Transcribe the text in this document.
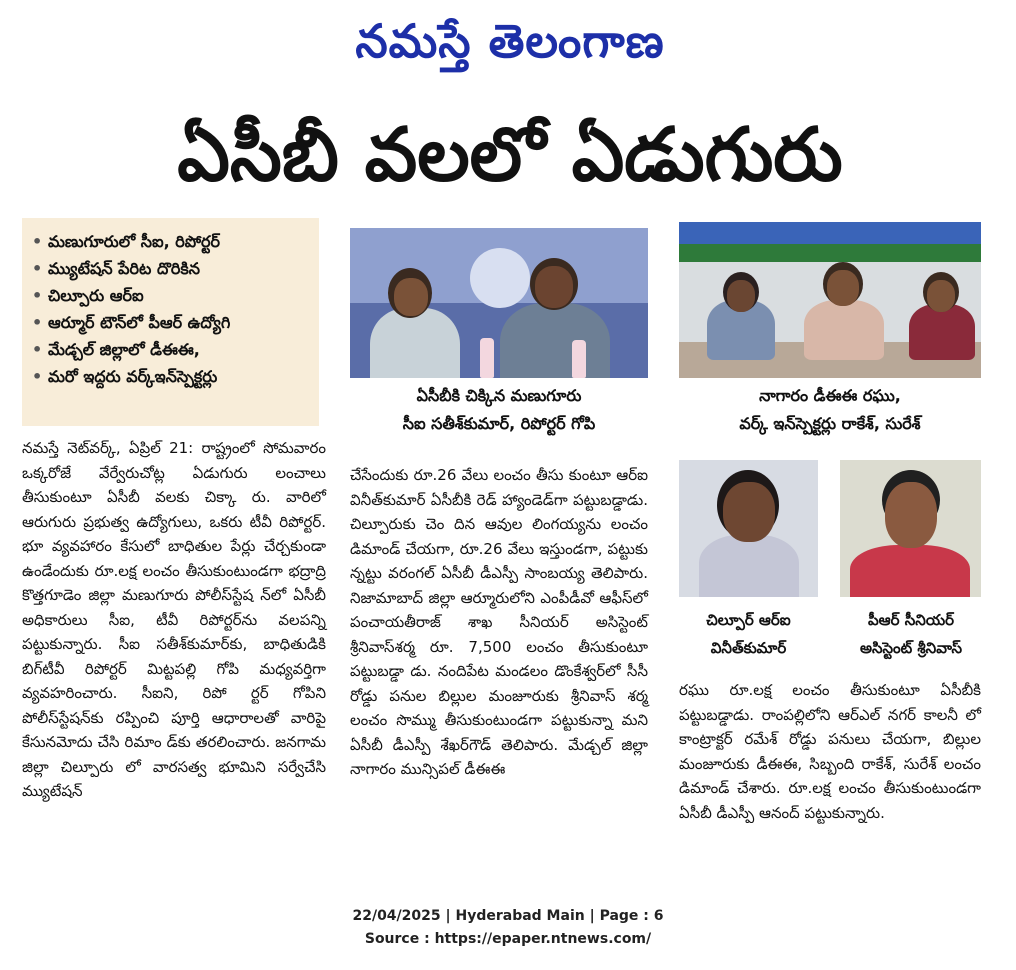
నమస్తే తెలంగాణ
ఏసీబీ వలలో ఏడుగురు
• మణుగూరులో సీఐ, రిపోర్టర్
• మ్యుటేషన్ పేరిట దొరికిన
• చిల్పూరు ఆర్ఐ
• ఆర్మూర్ టౌన్‌లో పీఆర్ ఉద్యోగి
• మేడ్చల్ జిల్లాలో డీఈఈ,
• మరో ఇద్దరు వర్క్ఇన్‌స్పెక్టర్లు

నమస్తే నెట్‌వర్క్, ఏప్రిల్ 21: రాష్ట్రంలో సోమవారం ఒక్కరోజే వేర్వేరుచోట్ల ఏడుగురు లంచాలు తీసుకుంటూ ఏసీబీ వలకు చిక్కా రు. వారిలో ఆరుగురు ప్రభుత్వ ఉద్యోగులు, ఒకరు టీవీ రిపోర్టర్. భూ వ్యవహారం కేసులో బాధితుల పేర్లు చేర్చకుండా ఉండేందుకు రూ.లక్ష లంచం తీసుకుంటుండగా భద్రాద్రి కొత్తగూడెం జిల్లా మణుగూరు పోలీస్‌స్టేష న్‌లో ఏసీబీ అధికారులు సీఐ, టీవీ రిపోర్టర్‌ను వలపన్ని పట్టుకున్నారు. సీఐ సతీశ్‌కుమార్‌కు, బాధితుడికి బిగ్‌టీవీ రిపోర్టర్ మిట్టపల్లి గోపి మధ్యవర్తిగా వ్యవహరించారు. సీఐని, రిపో ర్టర్ గోపిని పోలీస్‌స్టేషన్‌కు రప్పించి పూర్తి ఆధారాలతో వారిపై కేసునమోదు చేసి రిమాం డ్‌కు తరలించారు. జనగామ జిల్లా చిల్పూరు లో వారసత్వ భూమిని సర్వేచేసి మ్యుటేషన్

ఏసీబీకి చిక్కిన మణుగూరు
సీఐ సతీశ్‌కుమార్, రిపోర్టర్ గోపి

చేసేందుకు రూ.26 వేలు లంచం తీసు కుంటూ ఆర్ఐ వినీత్‌కుమార్ ఏసీబీకి రెడ్ హ్యాండెడ్‌గా పట్టుబడ్డాడు. చిల్పూరుకు చెం దిన ఆవుల లింగయ్యను లంచం డిమాండ్ చేయగా, రూ.26 వేలు ఇస్తుండగా, పట్టుకు న్నట్టు వరంగల్ ఏసీబీ డీఎస్పీ సాంబయ్య తెలిపారు. నిజామాబాద్ జిల్లా ఆర్మూరులోని ఎంపీడీవో ఆఫీస్‌లో పంచాయతీరాజ్ శాఖ సీనియర్ అసిస్టెంట్ శ్రీనివాస్‌శర్మ రూ. 7,500 లంచం తీసుకుంటూ పట్టుబడ్డా డు. నందిపేట మండలం డొంకేశ్వర్‌లో సీసీ రోడ్డు పనుల బిల్లుల మంజూరుకు శ్రీనివాస్ శర్మ లంచం సొమ్ము తీసుకుంటుండగా పట్టుకున్నా మని ఏసీబీ డీఎస్పీ శేఖర్‌గౌడ్ తెలిపారు. మేడ్చల్ జిల్లా నాగారం మున్సిపల్ డీఈఈ

నాగారం డీఈఈ రఘు,
వర్క్ ఇన్‌స్పెక్టర్లు రాకేశ్, సురేశ్
చిల్పూర్ ఆర్ఐ
వినీత్‌కుమార్
పీఆర్ సీనియర్
అసిస్టెంట్ శ్రీనివాస్

రఘు రూ.లక్ష లంచం తీసుకుంటూ ఏసీబీకి పట్టుబడ్డాడు. రాంపల్లిలోని ఆర్‌ఎల్ నగర్ కాలనీ లో కాంట్రాక్టర్ రమేశ్ రోడ్డు పనులు చేయగా, బిల్లుల మంజూరుకు డీఈఈ, సిబ్బంది రాకేశ్, సురేశ్ లంచం డిమాండ్ చేశారు. రూ.లక్ష లంచం తీసుకుంటుండగా ఏసీబీ డీఎస్పీ ఆనంద్ పట్టుకున్నారు.

22/04/2025 | Hyderabad Main | Page : 6
Source : https://epaper.ntnews.com/
